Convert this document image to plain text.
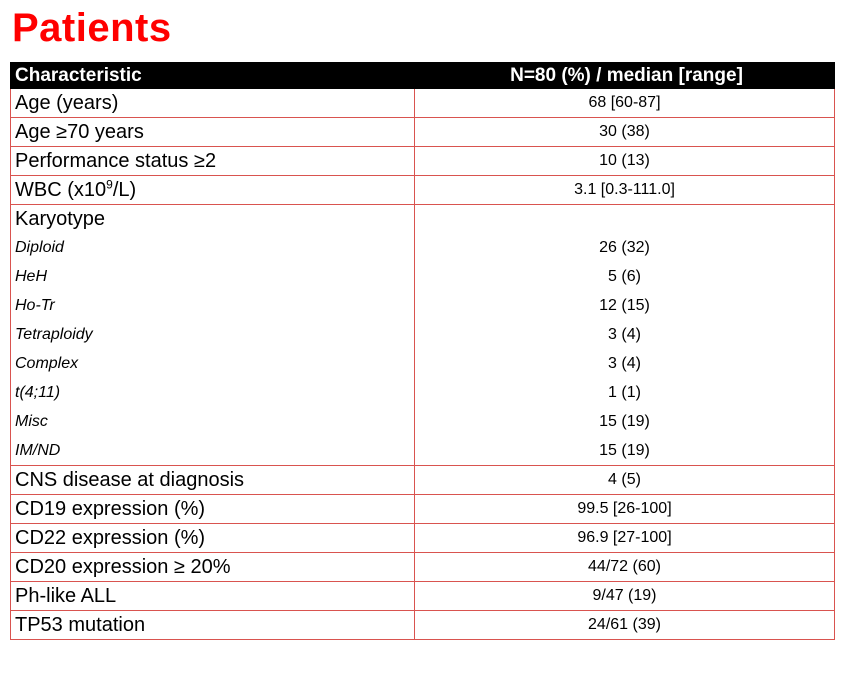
Patients
Characteristic	N=80 (%) / median [range]
Age (years)	68 [60-87]
Age ≥70 years	30 (38)
Performance status ≥2	10 (13)
WBC $(x10^9/L)$	3.1 [0.3-111.0]
Karyotype	
Diploid	26 (32)
HeH	5 (6)
Ho-Tr	12 (15)
Tetraploidy	3 (4)
Complex	3 (4)
t(4;11)	1 (1)
Misc	15 (19)
IM/ND	15 (19)
CNS disease at diagnosis	4 (5)
CD19 expression (%)	99.5 [26-100]
CD22 expression (%)	96.9 [27-100]
CD20 expression ≥ 20%	44/72 (60)
Ph-like ALL	9/47 (19)
TP53 mutation	24/61 (39)
